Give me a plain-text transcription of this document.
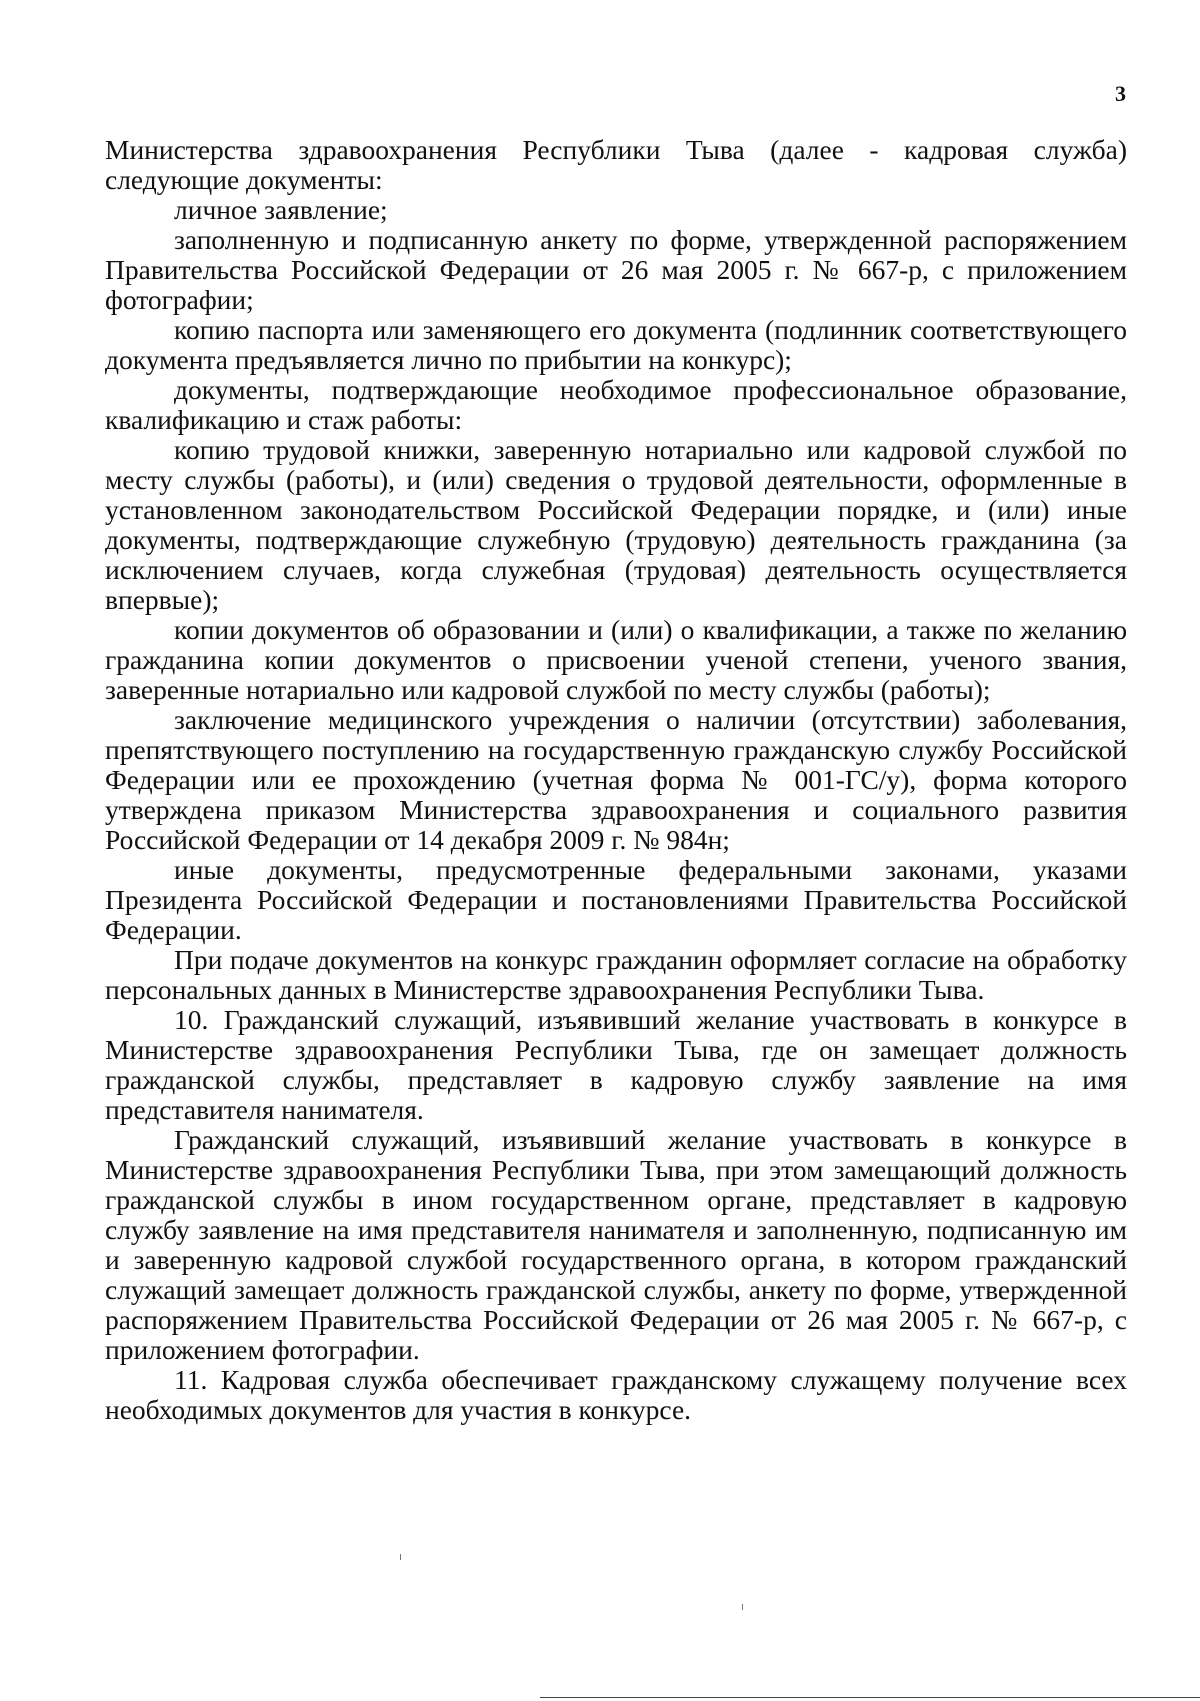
3

Министерства здравоохранения Республики Тыва (далее - кадровая служба) следующие документы:

личное заявление;

заполненную и подписанную анкету по форме, утвержденной распоряжением Правительства Российской Федерации от 26 мая 2005 г. № 667-р, с приложением фотографии;

копию паспорта или заменяющего его документа (подлинник соответствующего документа предъявляется лично по прибытии на конкурс);

документы, подтверждающие необходимое профессиональное образование, квалификацию и стаж работы:

копию трудовой книжки, заверенную нотариально или кадровой службой по месту службы (работы), и (или) сведения о трудовой деятельности, оформленные в установленном законодательством Российской Федерации порядке, и (или) иные документы, подтверждающие служебную (трудовую) деятельность гражданина (за исключением случаев, когда служебная (трудовая) деятельность осуществляется впервые);

копии документов об образовании и (или) о квалификации, а также по желанию гражданина копии документов о присвоении ученой степени, ученого звания, заверенные нотариально или кадровой службой по месту службы (работы);

заключение медицинского учреждения о наличии (отсутствии) заболевания, препятствующего поступлению на государственную гражданскую службу Российской Федерации или ее прохождению (учетная форма № 001-ГС/у), форма которого утверждена приказом Министерства здравоохранения и социального развития Российской Федерации от 14 декабря 2009 г. № 984н;

иные документы, предусмотренные федеральными законами, указами Президента Российской Федерации и постановлениями Правительства Российской Федерации.

При подаче документов на конкурс гражданин оформляет согласие на обработку персональных данных в Министерстве здравоохранения Республики Тыва.

10. Гражданский служащий, изъявивший желание участвовать в конкурсе в Министерстве здравоохранения Республики Тыва, где он замещает должность гражданской службы, представляет в кадровую службу заявление на имя представителя нанимателя.

Гражданский служащий, изъявивший желание участвовать в конкурсе в Министерстве здравоохранения Республики Тыва, при этом замещающий должность гражданской службы в ином государственном органе, представляет в кадровую службу заявление на имя представителя нанимателя и заполненную, подписанную им и заверенную кадровой службой государственного органа, в котором гражданский служащий замещает должность гражданской службы, анкету по форме, утвержденной распоряжением Правительства Российской Федерации от 26 мая 2005 г. № 667-р, с приложением фотографии.

11. Кадровая служба обеспечивает гражданскому служащему получение всех необходимых документов для участия в конкурсе.
